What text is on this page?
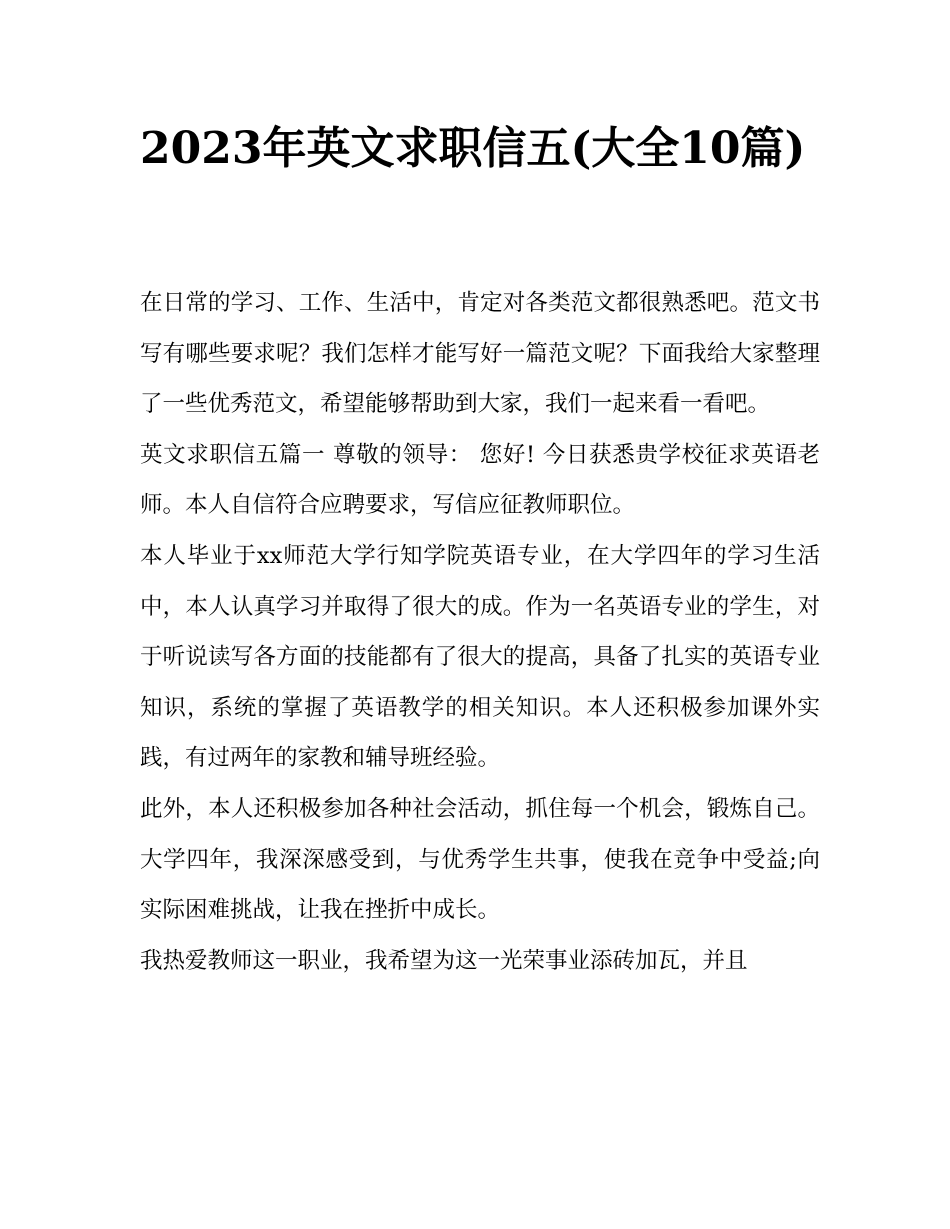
2023年英文求职信五(大全10篇)

在日常的学习、工作、生活中，肯定对各类范文都很熟悉吧。范文书写有哪些要求呢？我们怎样才能写好一篇范文呢？下面我给大家整理了一些优秀范文，希望能够帮助到大家，我们一起来看一看吧。

英文求职信五篇一 尊敬的领导： 您好! 今日获悉贵学校征求英语老师。本人自信符合应聘要求，写信应征教师职位。

本人毕业于xx师范大学行知学院英语专业，在大学四年的学习生活中，本人认真学习并取得了很大的成。作为一名英语专业的学生，对于听说读写各方面的技能都有了很大的提高，具备了扎实的英语专业知识，系统的掌握了英语教学的相关知识。本人还积极参加课外实践，有过两年的家教和辅导班经验。

此外，本人还积极参加各种社会活动，抓住每一个机会，锻炼自己。大学四年，我深深感受到，与优秀学生共事，使我在竞争中受益;向实际困难挑战，让我在挫折中成长。

我热爱教师这一职业，我希望为这一光荣事业添砖加瓦，并且
